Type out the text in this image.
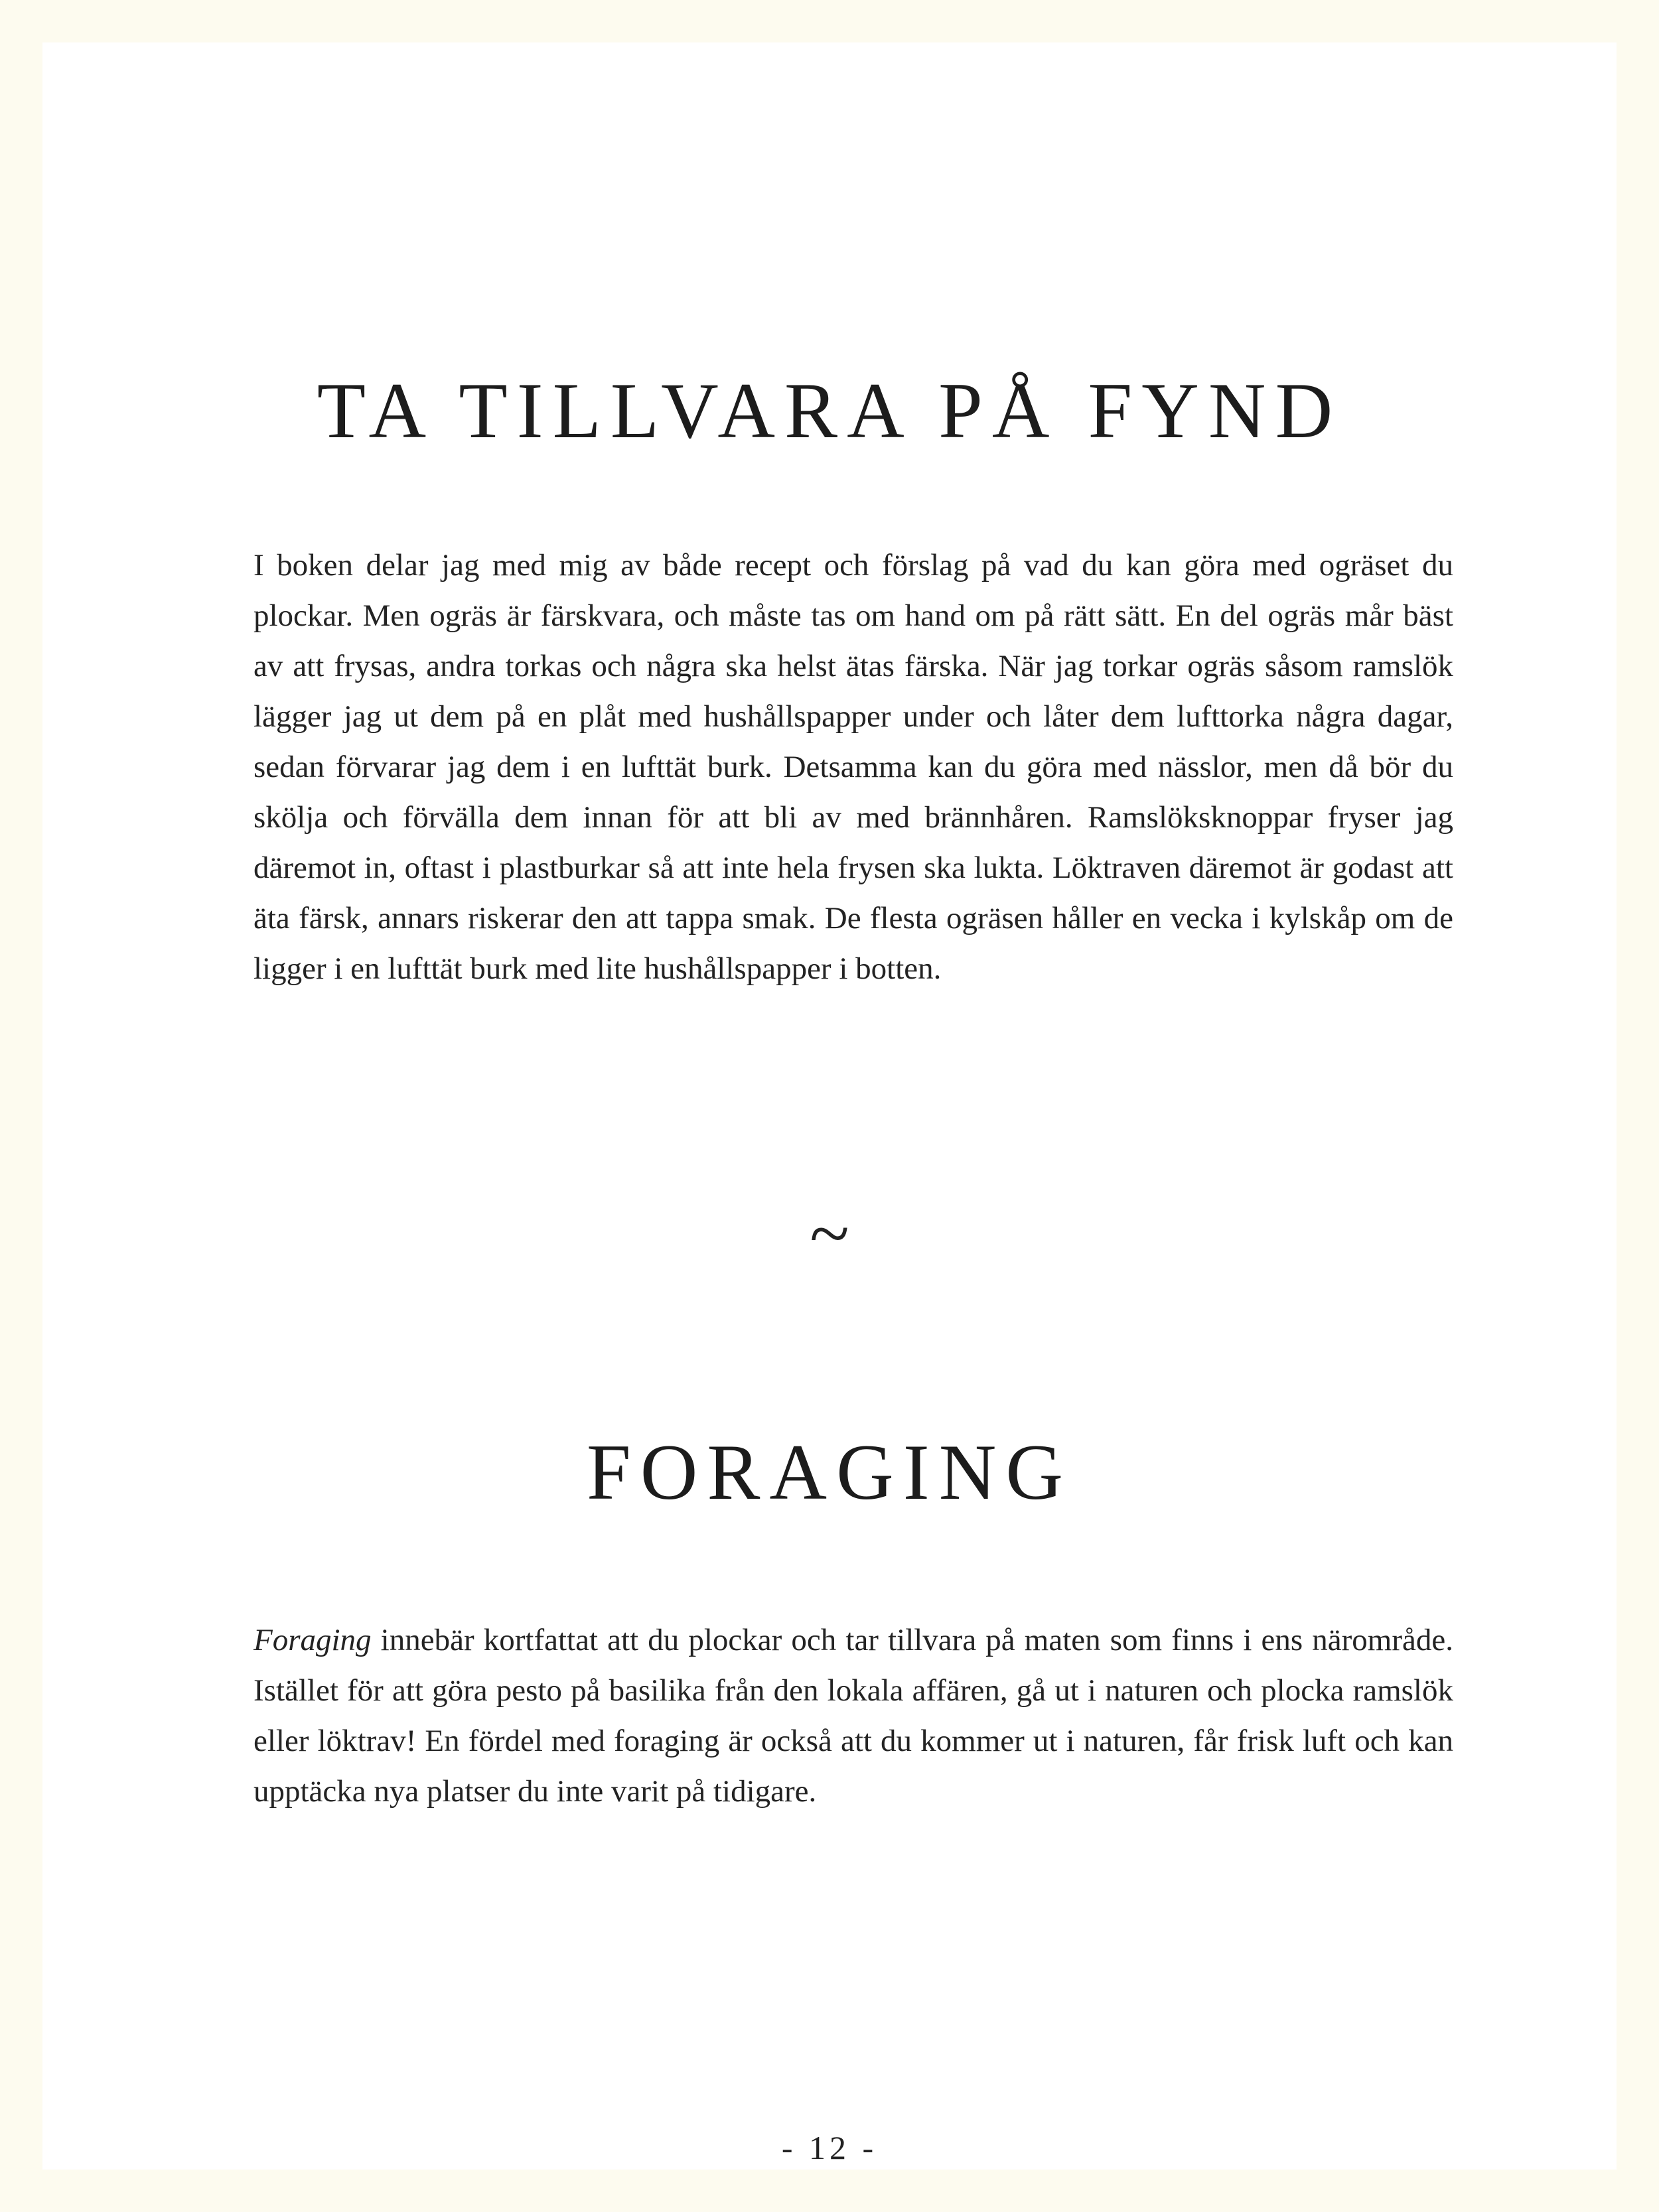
TA TILLVARA PÅ FYND

I boken delar jag med mig av både recept och förslag på vad du kan göra med ogräset du plockar. Men ogräs är färskvara, och måste tas om hand om på rätt sätt. En del ogräs mår bäst av att frysas, andra torkas och några ska helst ätas färska. När jag torkar ogräs såsom ramslök lägger jag ut dem på en plåt med hushållspapper under och låter dem lufttorka några dagar, sedan förvarar jag dem i en lufttät burk. Detsamma kan du göra med nässlor, men då bör du skölja och förvälla dem innan för att bli av med brännhåren. Ramslöksknoppar fryser jag däremot in, oftast i plastburkar så att inte hela frysen ska lukta. Löktraven däremot är godast att äta färsk, annars riskerar den att tappa smak. De flesta ogräsen håller en vecka i kylskåp om de ligger i en lufttät burk med lite hushållspapper i botten.

~
FORAGING

Foraging innebär kortfattat att du plockar och tar tillvara på maten som finns i ens närområde. Istället för att göra pesto på basilika från den lokala affären, gå ut i naturen och plocka ramslök eller löktrav! En fördel med foraging är också att du kommer ut i naturen, får frisk luft och kan upptäcka nya platser du inte varit på tidigare.

- 12 -
